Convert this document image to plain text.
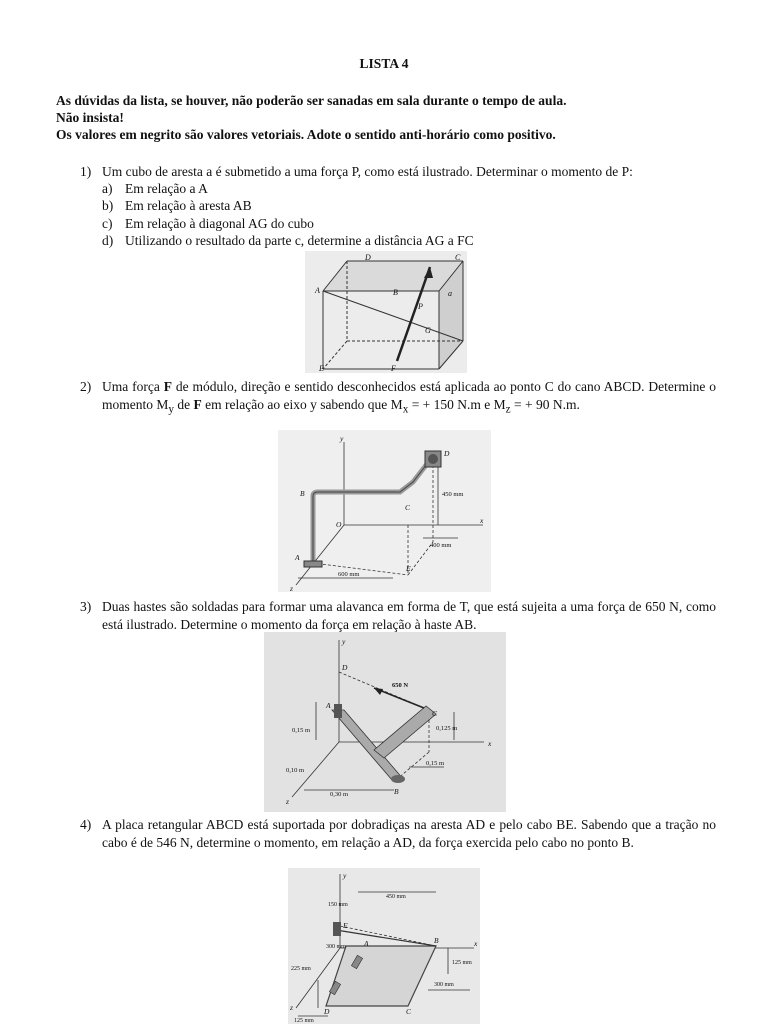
LISTA 4
As dúvidas da lista, se houver, não poderão ser sanadas em sala durante o tempo de aula.
Não insista!
Os valores em negrito são valores vetoriais. Adote o sentido anti-horário como positivo.
1) Um cubo de aresta a é submetido a uma força P, como está ilustrado. Determinar o momento de P:
a) Em relação a A
b) Em relação à aresta AB
c) Em relação à diagonal AG do cubo
d) Utilizando o resultado da parte c, determine a distância AG a FC
A	B
C
D
E	F
G
P
a
2) Uma força F de módulo, direção e sentido desconhecidos está aplicada ao ponto C do cano ABCD. Determine o momento $M_y$ de F em relação ao eixo y sabendo que $M_x$ = + 150 N.m e $M_z$ = + 90 N.m.
y
x
z
A
B
C
D
E
O
450 mm
400 mm
600 mm
3) Duas hastes são soldadas para formar uma alavanca em forma de T, que está sujeita a uma força de 650 N, como está ilustrado. Determine o momento da força em relação à haste AB.
y
x
z
A
B
C
D
650 N
0,15 m
0,10 m
0,30 m
0,125 m
0,15 m
4) A placa retangular ABCD está suportada por dobradiças na aresta AD e pelo cabo BE. Sabendo que a tração no cabo é de 546 N, determine o momento, em relação a AD, da força exercida pelo cabo no ponto B.
y
x
z
A	B
C
D
E
150 mm
450 mm
300 mm
225 mm
125 mm
300 mm
125 mm
